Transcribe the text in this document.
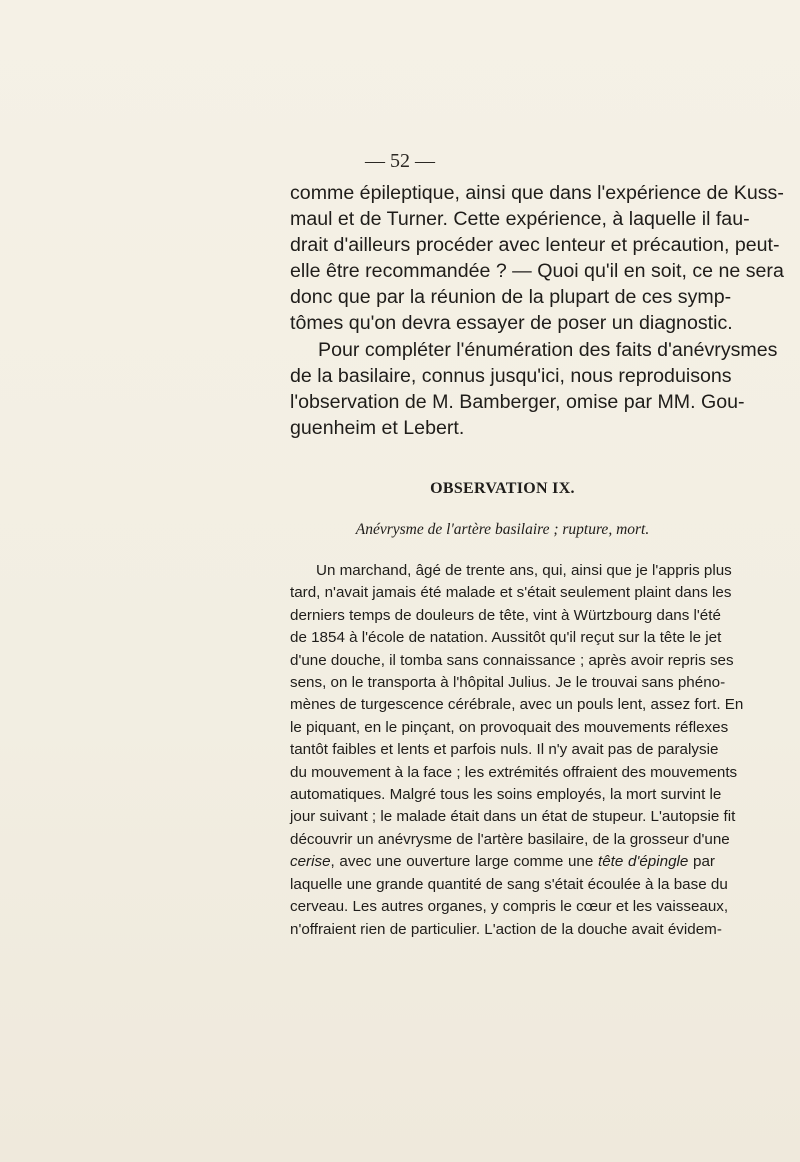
— 52 —
comme épileptique, ainsi que dans l'expérience de Kuss-
maul et de Turner. Cette expérience, à laquelle il fau-
drait d'ailleurs procéder avec lenteur et précaution, peut-
elle être recommandée ? — Quoi qu'il en soit, ce ne sera
donc que par la réunion de la plupart de ces symp-
tômes qu'on devra essayer de poser un diagnostic.
Pour compléter l'énumération des faits d'anévrysmes
de la basilaire, connus jusqu'ici, nous reproduisons
l'observation de M. Bamberger, omise par MM. Gou-
guenheim et Lebert.
OBSERVATION IX.
Anévrysme de l'artère basilaire ; rupture, mort.
Un marchand, âgé de trente ans, qui, ainsi que je l'appris plus
tard, n'avait jamais été malade et s'était seulement plaint dans les
derniers temps de douleurs de tête, vint à Würtzbourg dans l'été
de 1854 à l'école de natation. Aussitôt qu'il reçut sur la tête le jet
d'une douche, il tomba sans connaissance ; après avoir repris ses
sens, on le transporta à l'hôpital Julius. Je le trouvai sans phéno-
mènes de turgescence cérébrale, avec un pouls lent, assez fort. En
le piquant, en le pinçant, on provoquait des mouvements réflexes
tantôt faibles et lents et parfois nuls. Il n'y avait pas de paralysie
du mouvement à la face ; les extrémités offraient des mouvements
automatiques. Malgré tous les soins employés, la mort survint le
jour suivant ; le malade était dans un état de stupeur. L'autopsie fit
découvrir un anévrysme de l'artère basilaire, de la grosseur d'une
cerise, avec une ouverture large comme une tête d'épingle par
laquelle une grande quantité de sang s'était écoulée à la base du
cerveau. Les autres organes, y compris le cœur et les vaisseaux,
n'offraient rien de particulier. L'action de la douche avait évidem-
